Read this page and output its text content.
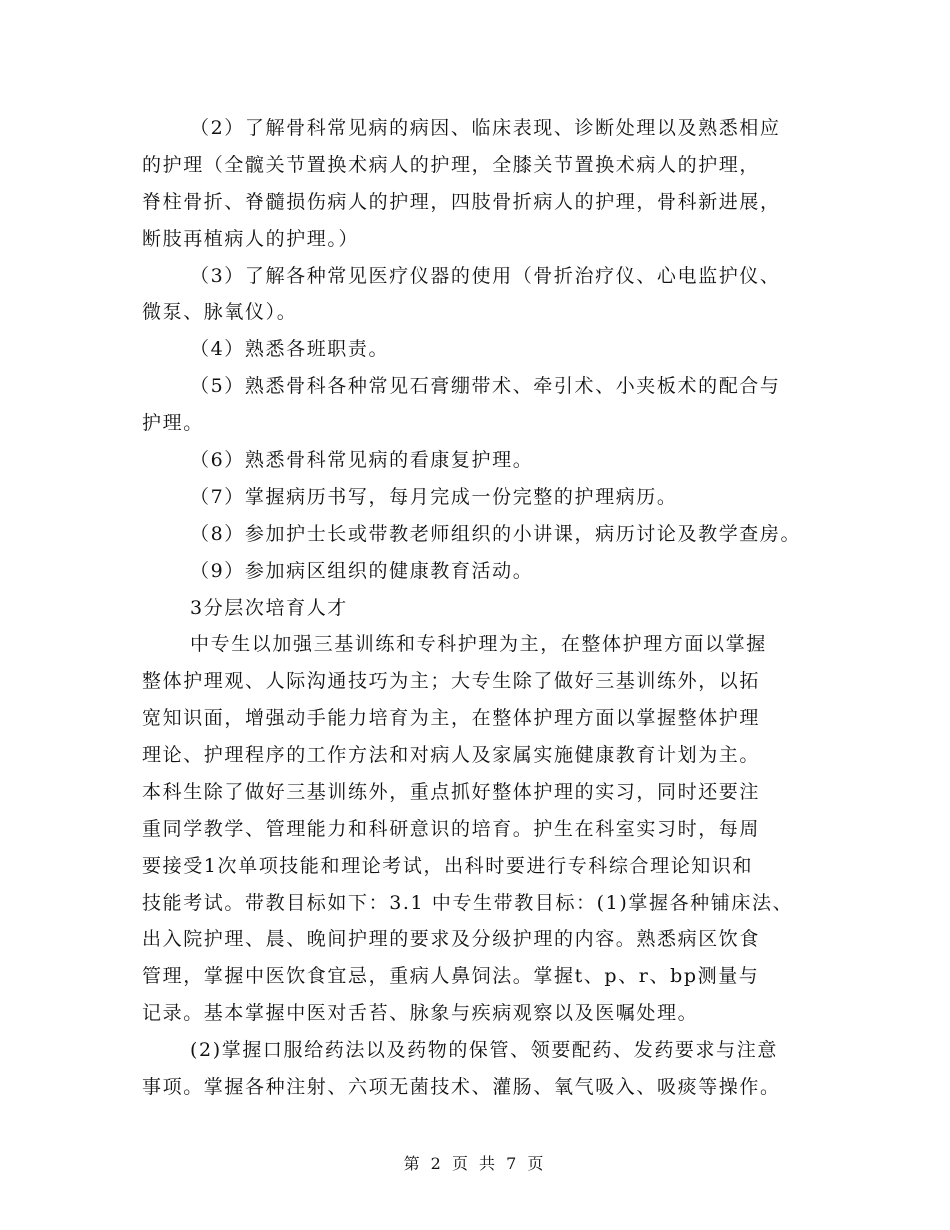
（2）了解骨科常见病的病因、临床表现、诊断处理以及熟悉相应
的护理（全髋关节置换术病人的护理，全膝关节置换术病人的护理，
脊柱骨折、脊髓损伤病人的护理，四肢骨折病人的护理，骨科新进展，
断肢再植病人的护理。）
（3）了解各种常见医疗仪器的使用（骨折治疗仪、心电监护仪、
微泵、脉氧仪）。
（4）熟悉各班职责。
（5）熟悉骨科各种常见石膏绷带术、牵引术、小夹板术的配合与
护理。
（6）熟悉骨科常见病的看康复护理。
（7）掌握病历书写，每月完成一份完整的护理病历。
（8）参加护士长或带教老师组织的小讲课，病历讨论及教学查房。
（9）参加病区组织的健康教育活动。
3分层次培育人才
中专生以加强三基训练和专科护理为主，在整体护理方面以掌握
整体护理观、人际沟通技巧为主；大专生除了做好三基训练外，以拓
宽知识面，增强动手能力培育为主，在整体护理方面以掌握整体护理
理论、护理程序的工作方法和对病人及家属实施健康教育计划为主。
本科生除了做好三基训练外，重点抓好整体护理的实习，同时还要注
重同学教学、管理能力和科研意识的培育。护生在科室实习时，每周
要接受1次单项技能和理论考试，出科时要进行专科综合理论知识和
技能考试。带教目标如下：3.1 中专生带教目标：(1)掌握各种铺床法、
出入院护理、晨、晚间护理的要求及分级护理的内容。熟悉病区饮食
管理，掌握中医饮食宜忌，重病人鼻饲法。掌握t、p、r、bp测量与
记录。基本掌握中医对舌苔、脉象与疾病观察以及医嘱处理。
(2)掌握口服给药法以及药物的保管、领要配药、发药要求与注意
事项。掌握各种注射、六项无菌技术、灌肠、氧气吸入、吸痰等操作。
第 2 页 共 7 页
